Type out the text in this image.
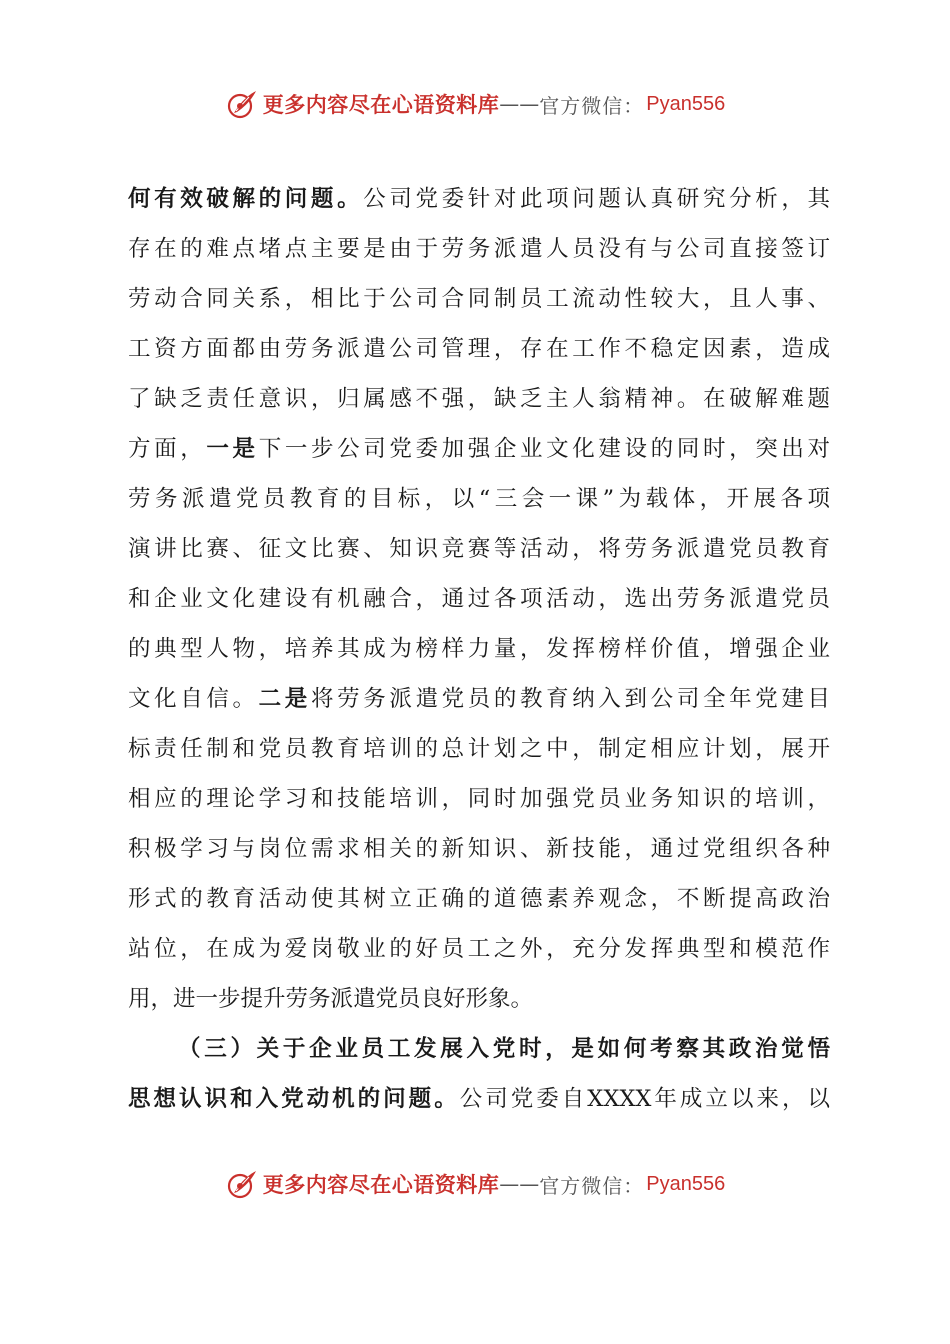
更多内容尽在心语资料库 —— 官方微信： Pyan556
何有效破解的问题。公司党委针对此项问题认真研究分析，其
存在的难点堵点主要是由于劳务派遣人员没有与公司直接签订
劳动合同关系，相比于公司合同制员工流动性较大，且人事、
工资方面都由劳务派遣公司管理，存在工作不稳定因素，造成
了缺乏责任意识，归属感不强，缺乏主人翁精神。在破解难题
方面，一是下一步公司党委加强企业文化建设的同时，突出对
劳务派遣党员教育的目标，以“三会一课”为载体，开展各项
演讲比赛、征文比赛、知识竞赛等活动，将劳务派遣党员教育
和企业文化建设有机融合，通过各项活动，选出劳务派遣党员
的典型人物，培养其成为榜样力量，发挥榜样价值，增强企业
文化自信。二是将劳务派遣党员的教育纳入到公司全年党建目
标责任制和党员教育培训的总计划之中，制定相应计划，展开
相应的理论学习和技能培训，同时加强党员业务知识的培训，
积极学习与岗位需求相关的新知识、新技能，通过党组织各种
形式的教育活动使其树立正确的道德素养观念，不断提高政治
站位，在成为爱岗敬业的好员工之外，充分发挥典型和模范作
用，进一步提升劳务派遣党员良好形象。
（三）关于企业员工发展入党时，是如何考察其政治觉悟
思想认识和入党动机的问题。公司党委自XXXX年成立以来，以
更多内容尽在心语资料库 —— 官方微信： Pyan556
